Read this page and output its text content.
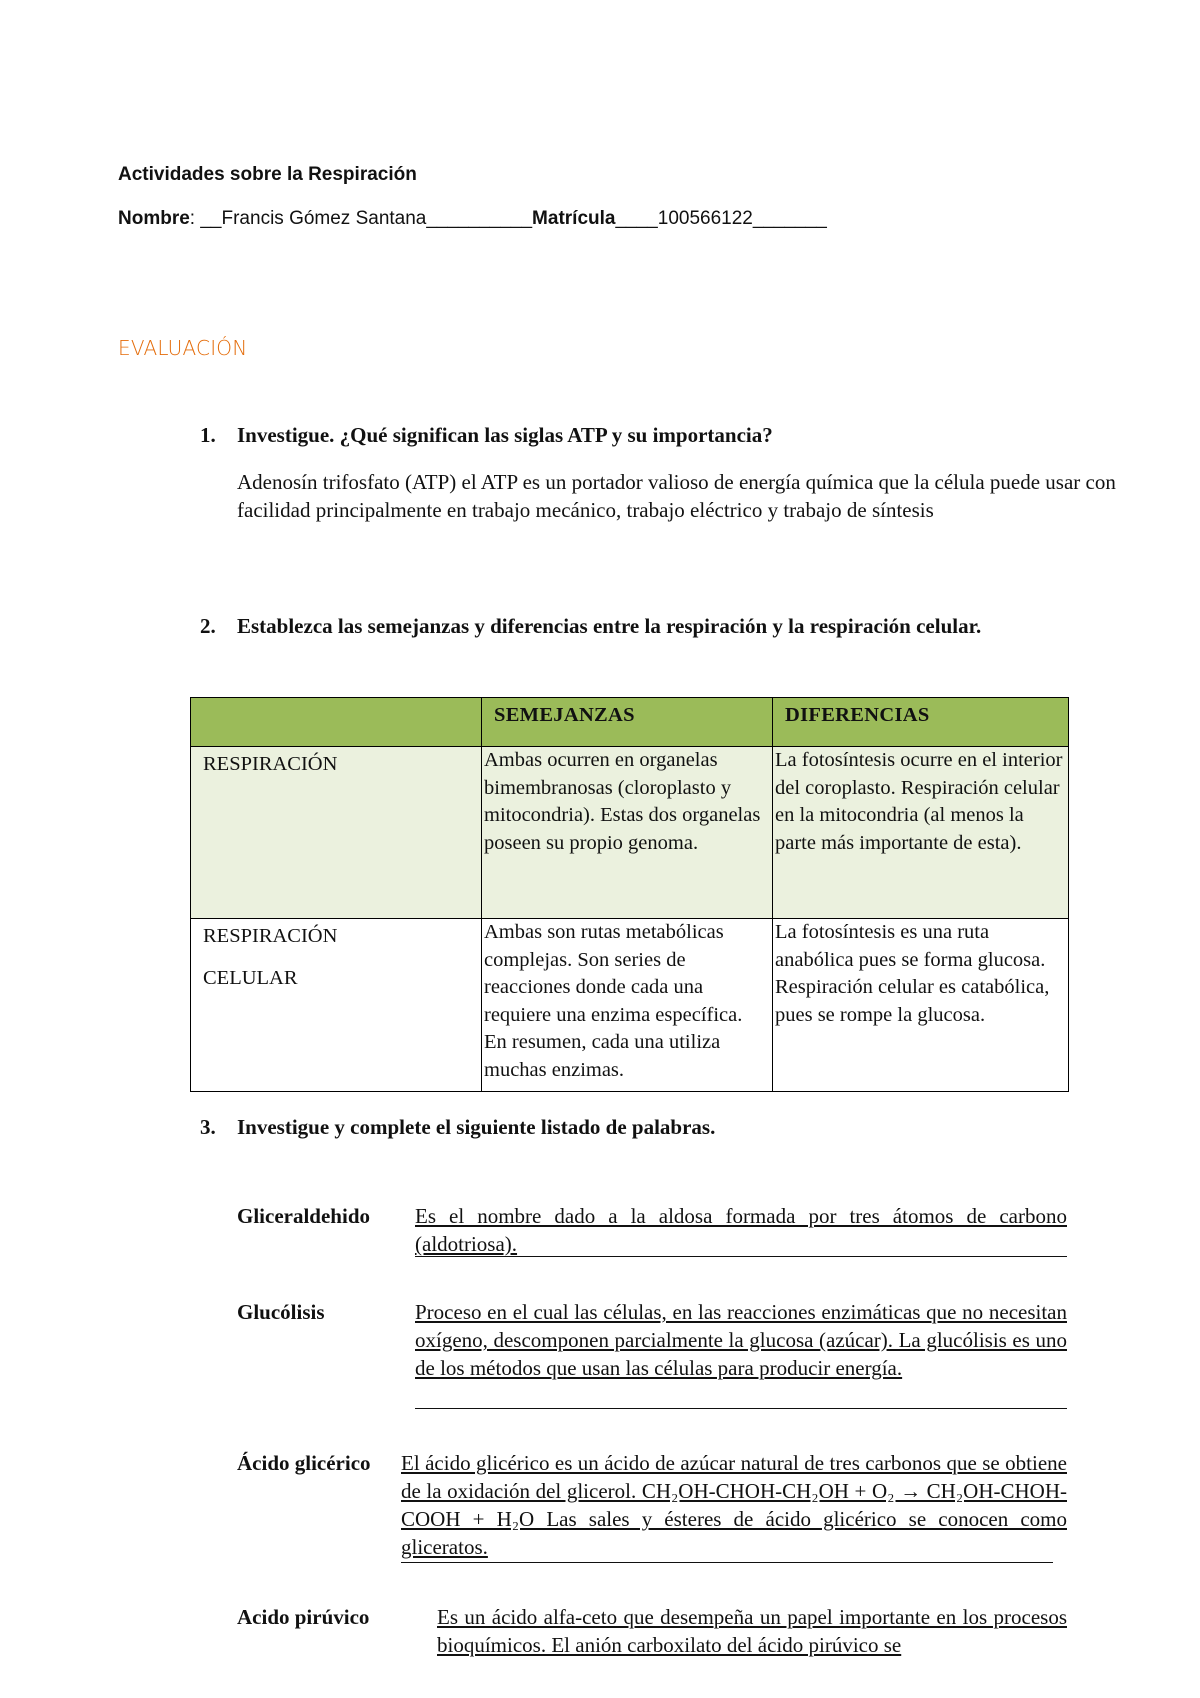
Actividades sobre la Respiración
Nombre: __Francis Gómez Santana__________Matrícula____100566122_______
EVALUACIÓN
1. Investigue. ¿Qué significan las siglas ATP y su importancia?
Adenosín trifosfato (ATP) el ATP es un portador valioso de energía química que la célula puede usar con facilidad principalmente en trabajo mecánico, trabajo eléctrico y trabajo de síntesis
2. Establezca las semejanzas y diferencias entre la respiración y la respiración celular.
	SEMEJANZAS	DIFERENCIAS
RESPIRACIÓN	Ambas ocurren en organelas bimembranosas (cloroplasto y mitocondria). Estas dos organelas poseen su propio genoma.	La fotosíntesis ocurre en el interior del coroplasto. Respiración celular en la mitocondria (al menos la parte más importante de esta).

RESPIRACIÓN
CELULAR	Ambas son rutas metabólicas complejas. Son series de reacciones donde cada una requiere una enzima específica. En resumen, cada una utiliza muchas enzimas.	La fotosíntesis es una ruta anabólica pues se forma glucosa. Respiración celular es catabólica, pues se rompe la glucosa.
3. Investigue y complete el siguiente listado de palabras.
Gliceraldehido Es el nombre dado a la aldosa formada por tres átomos de carbono (aldotriosa).
Glucólisis	Proceso en el cual las células, en las reacciones enzimáticas que no necesitan oxígeno, descomponen parcialmente la glucosa (azúcar). La glucólisis es uno de los métodos que usan las células para producir energía.
Ácido glicérico El ácido glicérico es un ácido de azúcar natural de tres carbonos que se obtiene de la oxidación del glicerol. CH₂OH-CHOH-CH₂OH + O₂ → CH₂OH-CHOH-COOH + H₂O Las sales y ésteres de ácido glicérico se conocen como gliceratos.
Acido pirúvico	Es un ácido alfa-ceto que desempeña un papel importante en los procesos bioquímicos. El anión carboxilato del ácido pirúvico se
